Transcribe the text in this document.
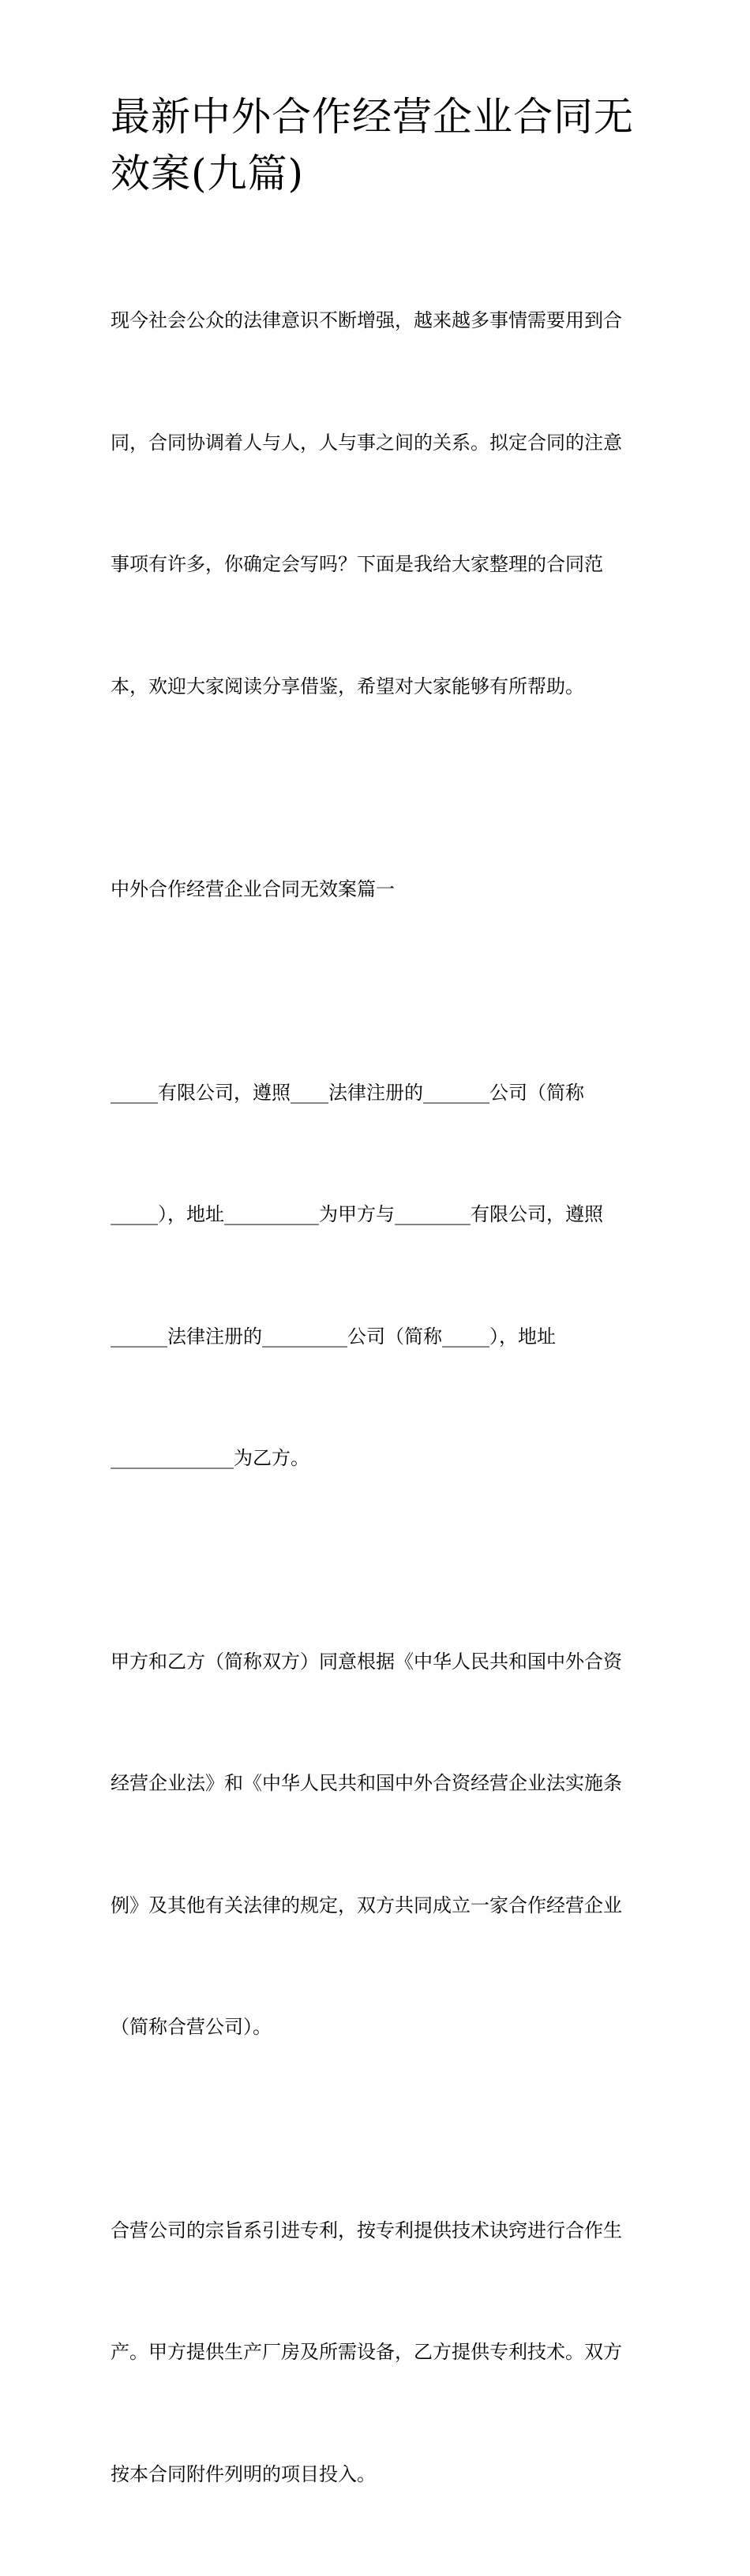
最新中外合作经营企业合同无
效案(九篇)

现今社会公众的法律意识不断增强，越来越多事情需要用到合

同，合同协调着人与人，人与事之间的关系。拟定合同的注意

事项有许多，你确定会写吗？下面是我给大家整理的合同范

本，欢迎大家阅读分享借鉴，希望对大家能够有所帮助。

中外合作经营企业合同无效案篇一

_____有限公司，遵照____法律注册的_______公司（简称

_____），地址__________为甲方与________有限公司，遵照

______法律注册的_________公司（简称_____），地址

_____________为乙方。

甲方和乙方（简称双方）同意根据《中华人民共和国中外合资

经营企业法》和《中华人民共和国中外合资经营企业法实施条

例》及其他有关法律的规定，双方共同成立一家合作经营企业

（简称合营公司）。

合营公司的宗旨系引进专利，按专利提供技术诀窍进行合作生

产。甲方提供生产厂房及所需设备，乙方提供专利技术。双方

按本合同附件列明的项目投入。
